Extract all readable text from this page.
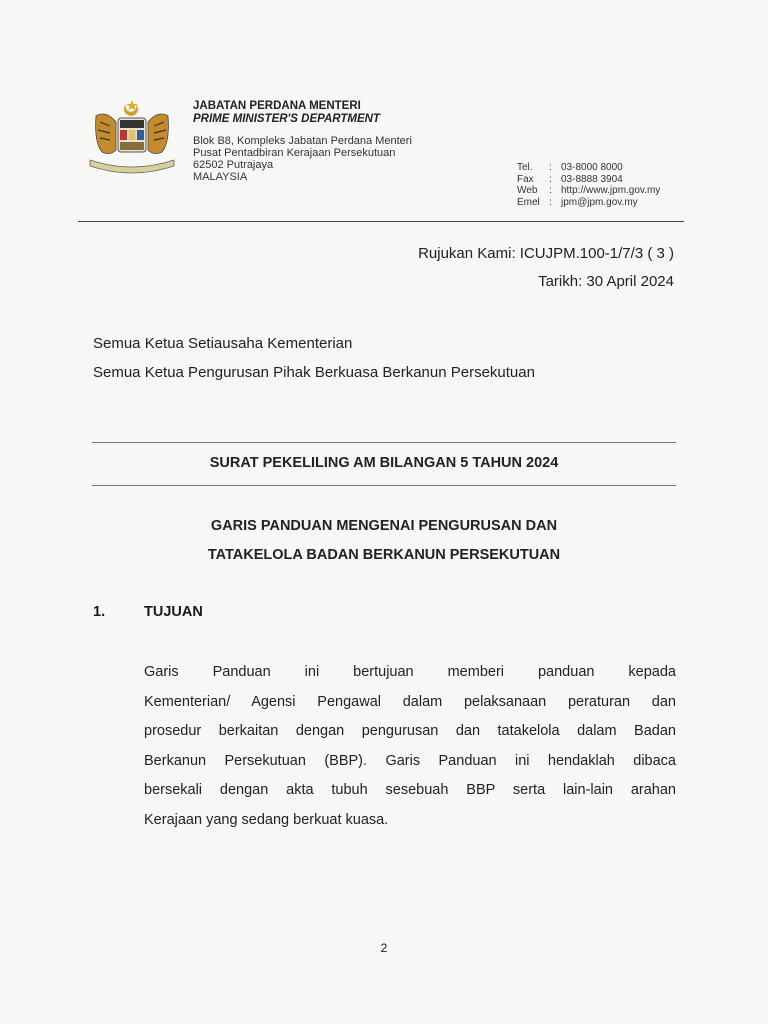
JABATAN PERDANA MENTERI
PRIME MINISTER'S DEPARTMENT
Blok B8, Kompleks Jabatan Perdana Menteri
Pusat Pentadbiran Kerajaan Persekutuan
62502 Putrajaya
MALAYSIA
Tel.	: 03-8000 8000
Fax	: 03-8888 3904
Web	: http://www.jpm.gov.my
Emel : jpm@jpm.gov.my
Rujukan Kami: ICUJPM.100-1/7/3 ( 3 )
Tarikh: 30 April 2024
Semua Ketua Setiausaha Kementerian
Semua Ketua Pengurusan Pihak Berkuasa Berkanun Persekutuan
SURAT PEKELILING AM BILANGAN 5 TAHUN 2024
GARIS PANDUAN MENGENAI PENGURUSAN DAN
TATAKELOLA BADAN BERKANUN PERSEKUTUAN
1.	TUJUAN
Garis Panduan ini bertujuan memberi panduan kepada
Kementerian/ Agensi Pengawal dalam pelaksanaan peraturan dan
prosedur berkaitan dengan pengurusan dan tatakelola dalam Badan
Berkanun Persekutuan (BBP). Garis Panduan ini hendaklah dibaca
bersekali dengan akta tubuh sesebuah BBP serta lain-lain arahan
Kerajaan yang sedang berkuat kuasa.
2
